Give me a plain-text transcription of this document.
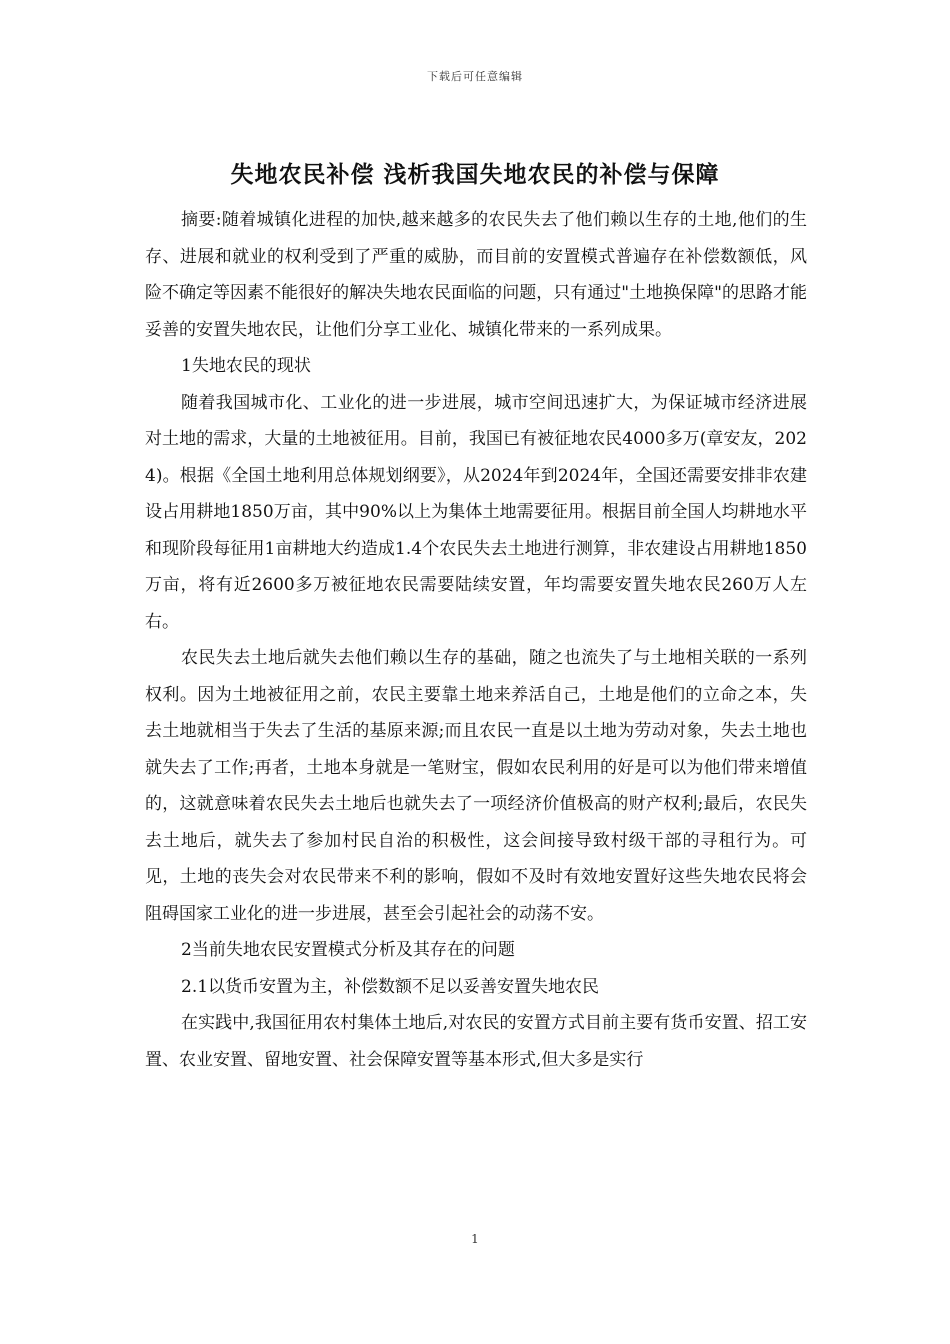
下载后可任意编辑
失地农民补偿 浅析我国失地农民的补偿与保障

摘要:随着城镇化进程的加快,越来越多的农民失去了他们赖以生存的土地,他们的生存、进展和就业的权利受到了严重的威胁，而目前的安置模式普遍存在补偿数额低，风险不确定等因素不能很好的解决失地农民面临的问题，只有通过"土地换保障"的思路才能妥善的安置失地农民，让他们分享工业化、城镇化带来的一系列成果。

1失地农民的现状

随着我国城市化、工业化的进一步进展，城市空间迅速扩大，为保证城市经济进展对土地的需求，大量的土地被征用。目前，我国已有被征地农民4000多万(章安友，2024)。根据《全国土地利用总体规划纲要》，从2024年到2024年，全国还需要安排非农建设占用耕地1850万亩，其中90%以上为集体土地需要征用。根据目前全国人均耕地水平和现阶段每征用1亩耕地大约造成1.4个农民失去土地进行测算，非农建设占用耕地1850万亩，将有近2600多万被征地农民需要陆续安置，年均需要安置失地农民260万人左右。

农民失去土地后就失去他们赖以生存的基础，随之也流失了与土地相关联的一系列权利。因为土地被征用之前，农民主要靠土地来养活自己，土地是他们的立命之本，失去土地就相当于失去了生活的基原来源;而且农民一直是以土地为劳动对象，失去土地也就失去了工作;再者，土地本身就是一笔财宝，假如农民利用的好是可以为他们带来增值的，这就意味着农民失去土地后也就失去了一项经济价值极高的财产权利;最后，农民失去土地后，就失去了参加村民自治的积极性，这会间接导致村级干部的寻租行为。可见，土地的丧失会对农民带来不利的影响，假如不及时有效地安置好这些失地农民将会阻碍国家工业化的进一步进展，甚至会引起社会的动荡不安。

2当前失地农民安置模式分析及其存在的问题

2.1以货币安置为主，补偿数额不足以妥善安置失地农民

在实践中,我国征用农村集体土地后,对农民的安置方式目前主要有货币安置、招工安置、农业安置、留地安置、社会保障安置等基本形式,但大多是实行

1
